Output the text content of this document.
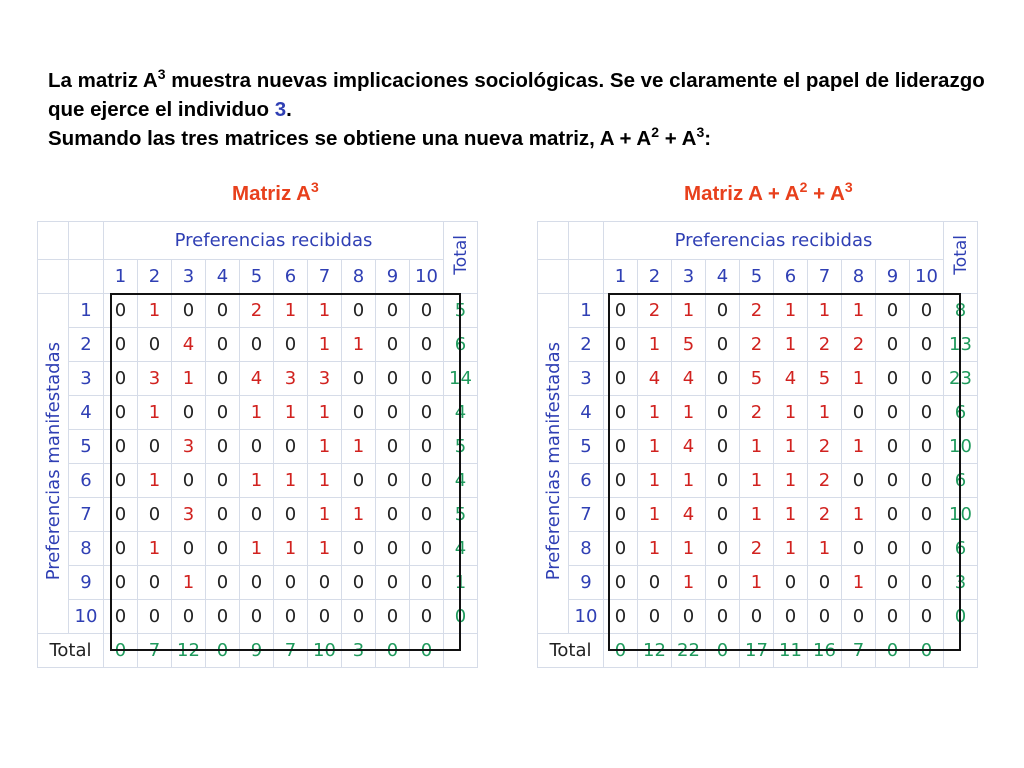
La matriz $A^3$ muestra nuevas implicaciones sociológicas. Se ve claramente el papel de liderazgo que ejerce el individuo 3.

Sumando las tres matrices se obtiene una nueva matriz, $A + A^2 + A^3$:

Matriz $A^3$	Matriz $A + A^2 + A^3$
		Preferencias recibidas										Total
		1	2	3	4	5	6	7	8	9	10	
Preferencias manifestadas	1	0	1	0	0	2	1	1	0	0	0	5
	2	0	0	4	0	0	0	1	1	0	0	6
	3	0	3	1	0	4	3	3	0	0	0	14
	4	0	1	0	0	1	1	1	0	0	0	4
	5	0	0	3	0	0	0	1	1	0	0	5
	6	0	1	0	0	1	1	1	0	0	0	4
	7	0	0	3	0	0	0	1	1	0	0	5
	8	0	1	0	0	1	1	1	0	0	0	4
	9	0	0	1	0	0	0	0	0	0	0	1
	10	0	0	0	0	0	0	0	0	0	0	0
Total		0	7	12	0	9	7	10	3	0	0	
		Preferencias recibidas										Total
		1	2	3	4	5	6	7	8	9	10	
Preferencias manifestadas	1	0	2	1	0	2	1	1	1	0	0	8
	2	0	1	5	0	2	1	2	2	0	0	13
	3	0	4	4	0	5	4	5	1	0	0	23
	4	0	1	1	0	2	1	1	0	0	0	6
	5	0	1	4	0	1	1	2	1	0	0	10
	6	0	1	1	0	1	1	2	0	0	0	6
	7	0	1	4	0	1	1	2	1	0	0	10
	8	0	1	1	0	2	1	1	0	0	0	6
	9	0	0	1	0	1	0	0	1	0	0	3
	10	0	0	0	0	0	0	0	0	0	0	0
Total		0	12	22	0	17	11	16	7	0	0	
